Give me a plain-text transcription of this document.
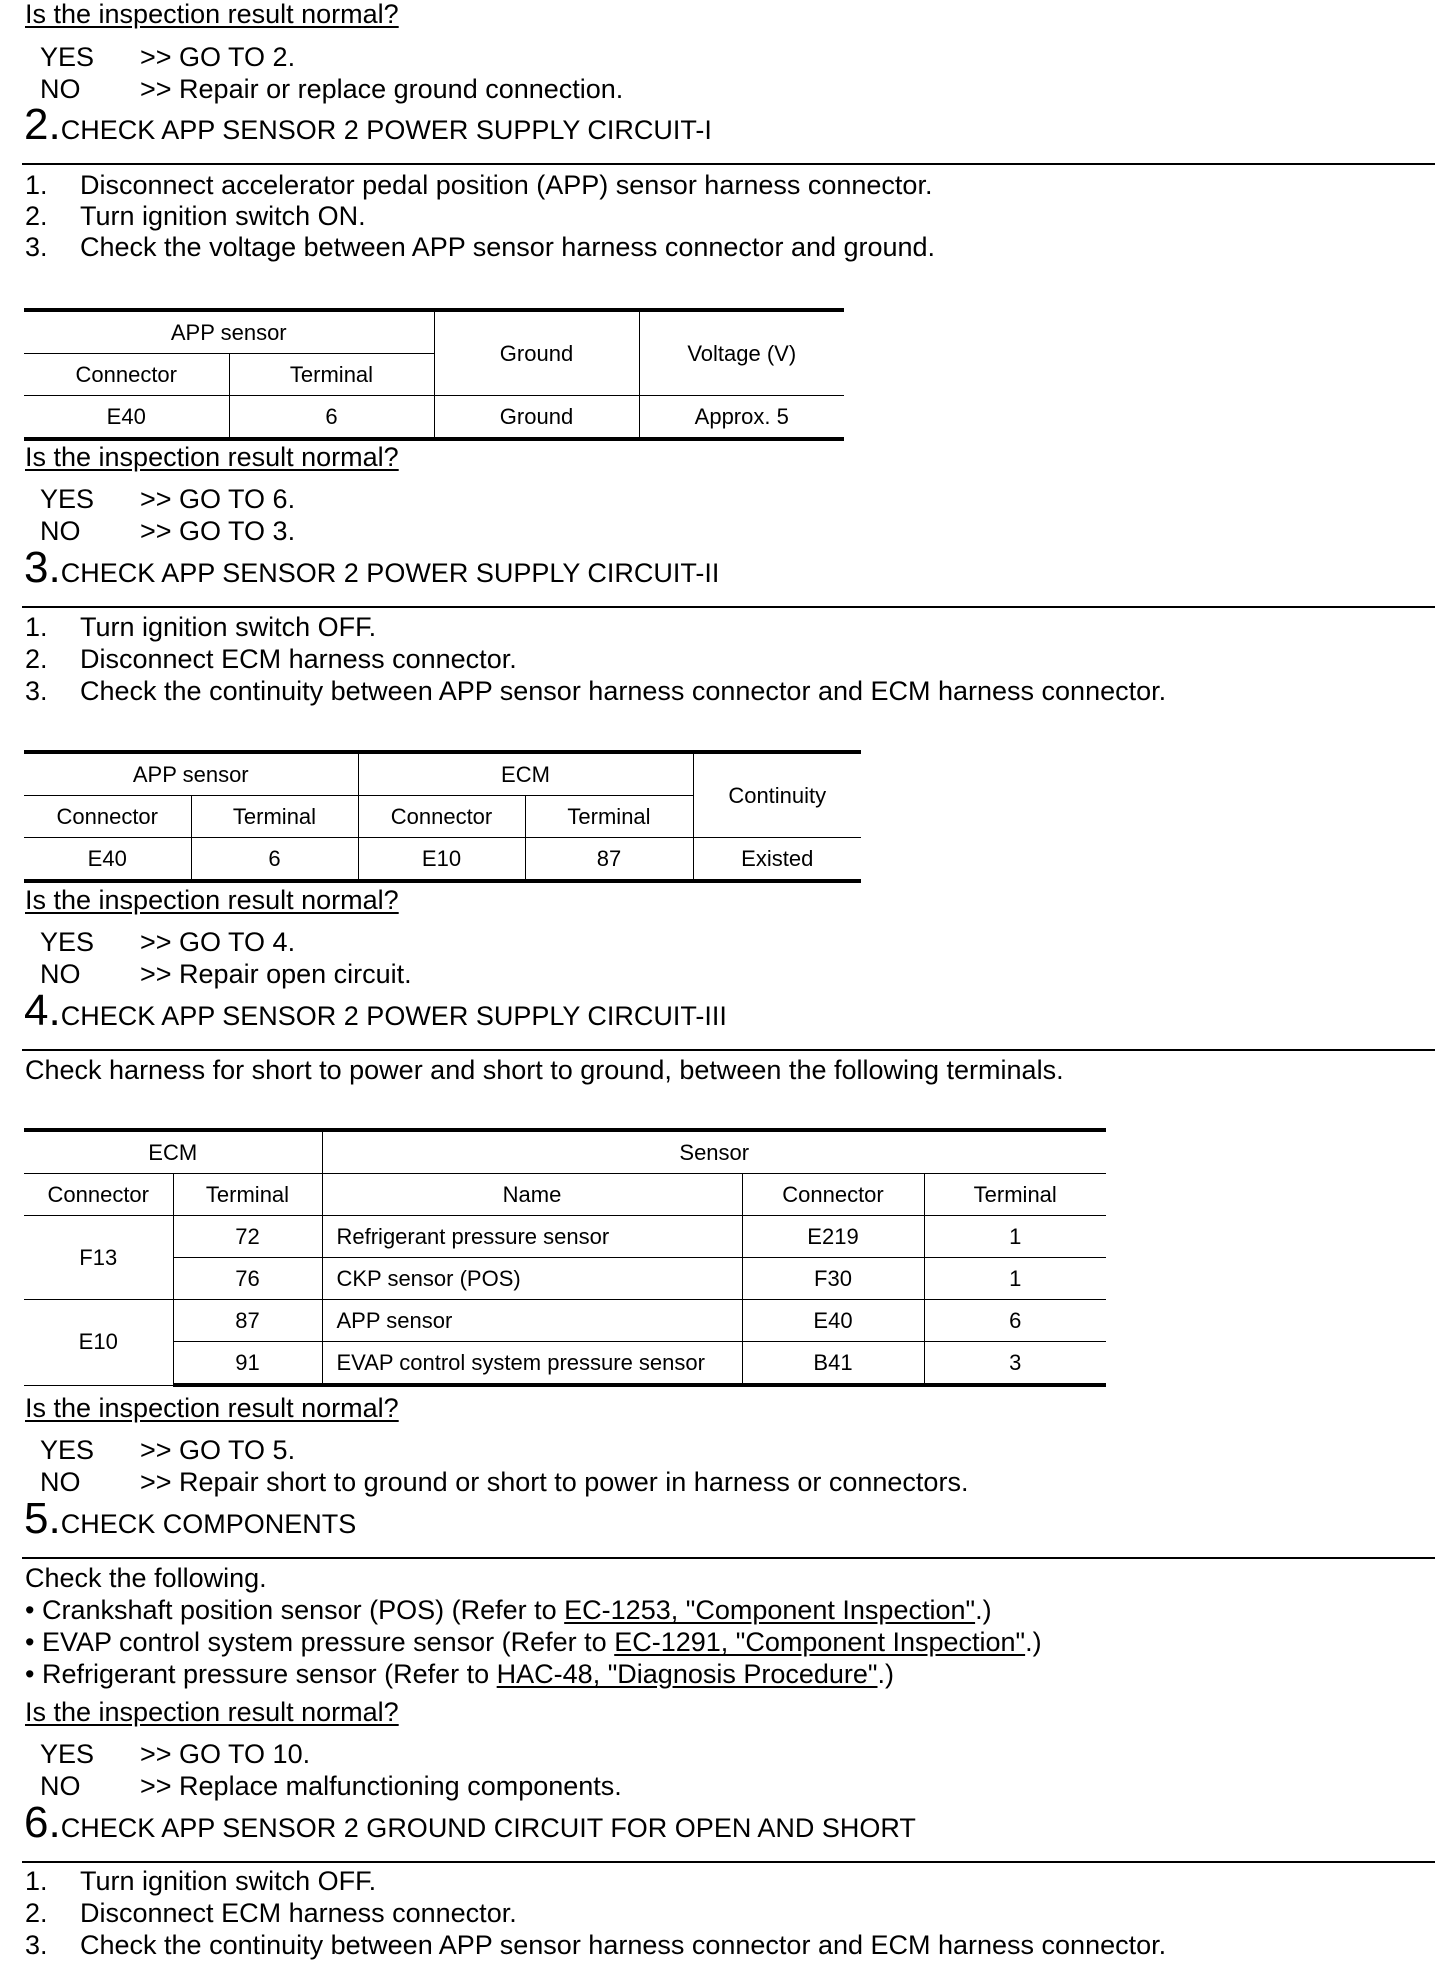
Is the inspection result normal?
YES >> GO TO 2.
NO >> Repair or replace ground connection.
2.CHECK APP SENSOR 2 POWER SUPPLY CIRCUIT-I
1. Disconnect accelerator pedal position (APP) sensor harness connector.
2. Turn ignition switch ON.
3. Check the voltage between APP sensor harness connector and ground.
APP sensor		Ground	Voltage (V)
Connector	Terminal		
E40	6	Ground	Approx. 5
Is the inspection result normal?
YES >> GO TO 6.
NO >> GO TO 3.
3.CHECK APP SENSOR 2 POWER SUPPLY CIRCUIT-II
1. Turn ignition switch OFF.
2. Disconnect ECM harness connector.
3. Check the continuity between APP sensor harness connector and ECM harness connector.
APP sensor		ECM		Continuity
Connector	Terminal	Connector	Terminal	
E40	6	E10	87	Existed
Is the inspection result normal?
YES >> GO TO 4.
NO >> Repair open circuit.
4.CHECK APP SENSOR 2 POWER SUPPLY CIRCUIT-III
Check harness for short to power and short to ground, between the following terminals.
ECM		Sensor		
Connector	Terminal	Name	Connector	Terminal
F13	72	Refrigerant pressure sensor	E219	1
	76	CKP sensor (POS)	F30	1
E10	87	APP sensor	E40	6
	91	EVAP control system pressure sensor	B41	3
Is the inspection result normal?
YES >> GO TO 5.
NO >> Repair short to ground or short to power in harness or connectors.
5.CHECK COMPONENTS
Check the following.
• Crankshaft position sensor (POS) (Refer to EC-1253, "Component Inspection".)
• EVAP control system pressure sensor (Refer to EC-1291, "Component Inspection".)
• Refrigerant pressure sensor (Refer to HAC-48, "Diagnosis Procedure".)
Is the inspection result normal?
YES >> GO TO 10.
NO >> Replace malfunctioning components.
6.CHECK APP SENSOR 2 GROUND CIRCUIT FOR OPEN AND SHORT
1. Turn ignition switch OFF.
2. Disconnect ECM harness connector.
3. Check the continuity between APP sensor harness connector and ECM harness connector.
